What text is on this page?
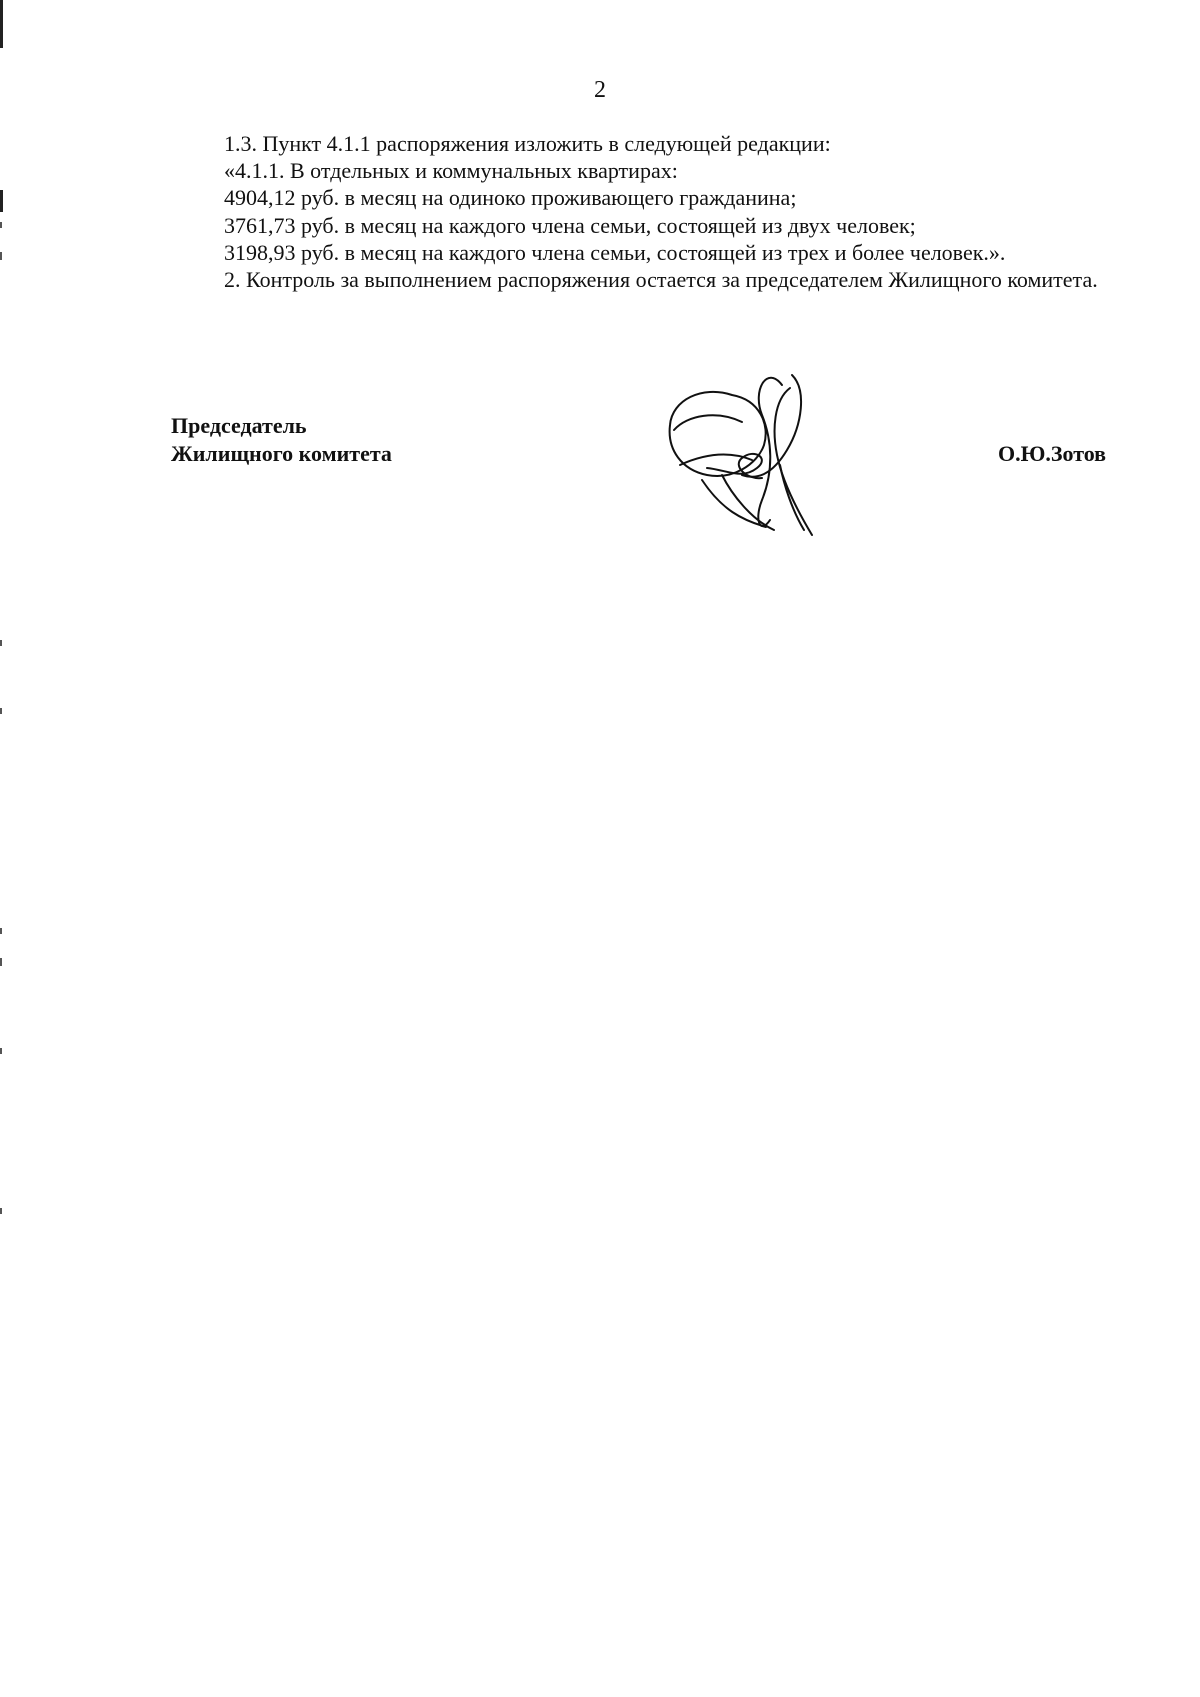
2

1.3. Пункт 4.1.1 распоряжения изложить в следующей редакции:

«4.1.1. В отдельных и коммунальных квартирах:

4904,12 руб. в месяц на одиноко проживающего гражданина;

3761,73 руб. в месяц на каждого члена семьи, состоящей из двух человек;

3198,93 руб. в месяц на каждого члена семьи, состоящей из трех и более человек.».

2. Контроль за выполнением распоряжения остается за председателем Жилищного комитета.

Председатель
Жилищного комитета	О.Ю.Зотов
